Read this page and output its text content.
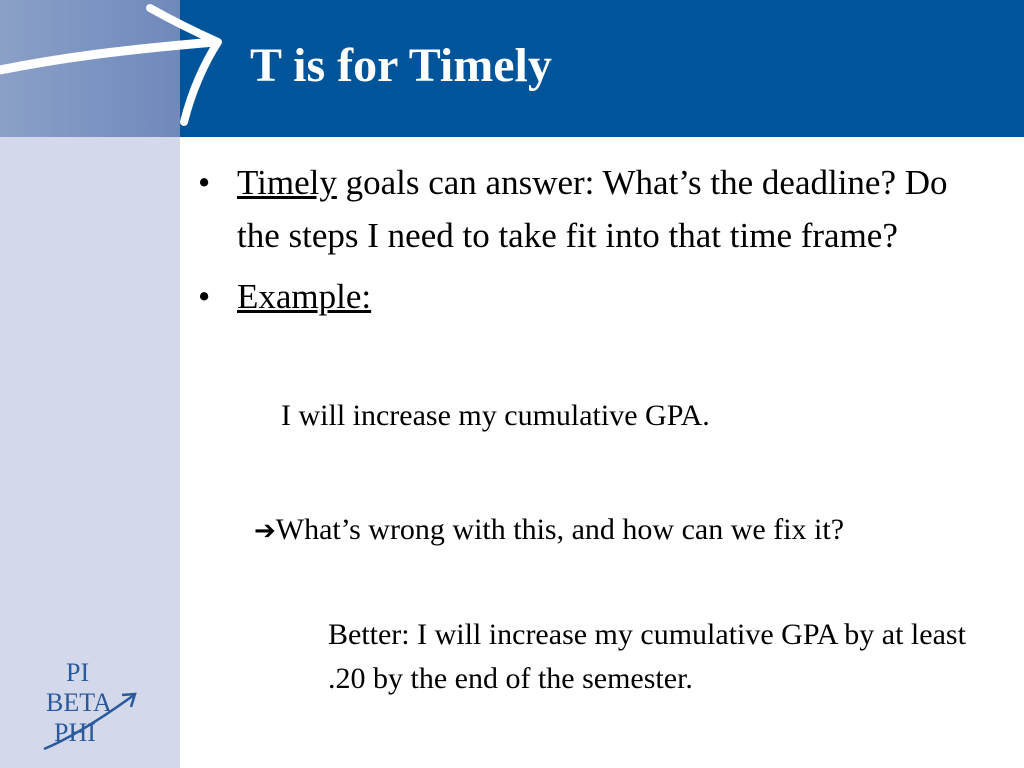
T is for Timely

• Timely goals can answer: What’s the deadline? Do the steps I need to take fit into that time frame?

• Example:

I will increase my cumulative GPA.
➔What’s wrong with this, and how can we fix it?
Better: I will increase my cumulative GPA by at least .20 by the end of the semester.
PI
BETA
PHI
